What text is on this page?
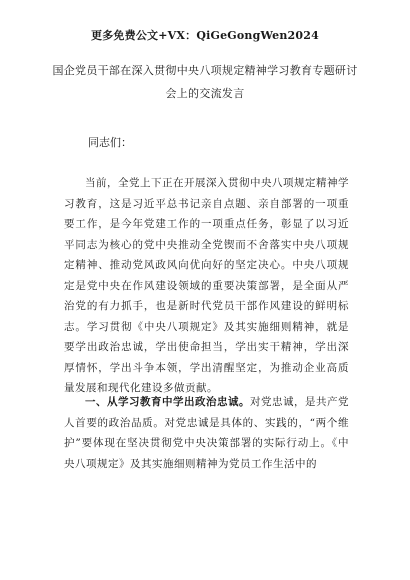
更多免费公文+VX：QiGeGongWen2024
国企党员干部在深入贯彻中央八项规定精神学习教育专题研讨会上的交流发言
同志们：
当前，全党上下正在开展深入贯彻中央八项规定精神学习教育，这是习近平总书记亲自点题、亲自部署的一项重要工作，是今年党建工作的一项重点任务，彰显了以习近平同志为核心的党中央推动全党锲而不舍落实中央八项规定精神、推动党风政风向优向好的坚定决心。中央八项规定是党中央在作风建设领域的重要决策部署，是全面从严治党的有力抓手，也是新时代党员干部作风建设的鲜明标志。学习贯彻《中央八项规定》及其实施细则精神，就是要学出政治忠诚，学出使命担当，学出实干精神，学出深厚情怀，学出斗争本领，学出清醒坚定，为推动企业高质量发展和现代化建设多做贡献。
一、从学习教育中学出政治忠诚。对党忠诚，是共产党人首要的政治品质。对党忠诚是具体的、实践的，“两个维护”要体现在坚决贯彻党中央决策部署的实际行动上。《中央八项规定》及其实施细则精神为党员工作生活中的
